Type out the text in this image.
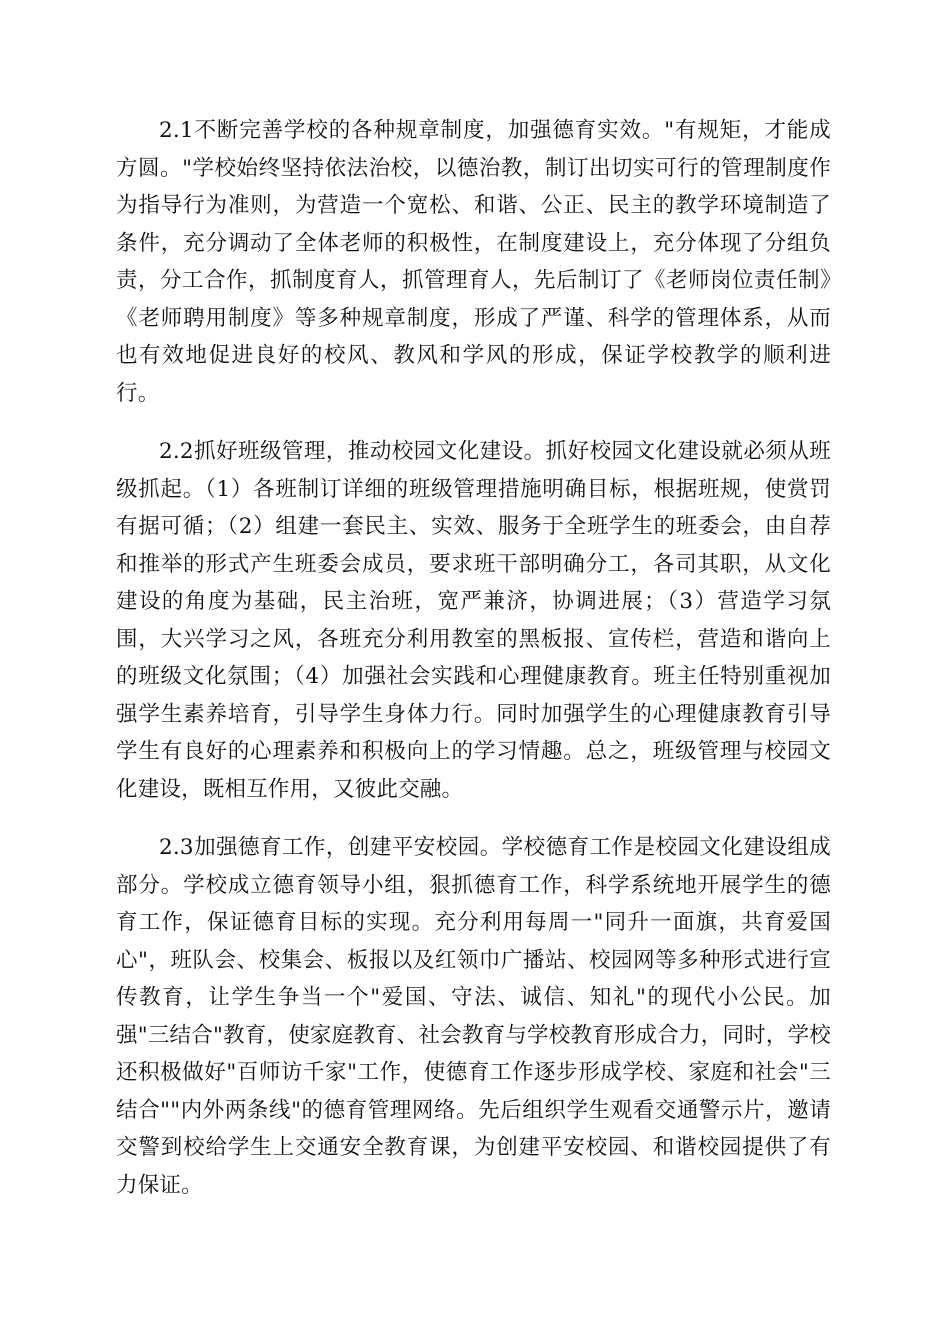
2.1不断完善学校的各种规章制度，加强德育实效。"有规矩，才能成方圆。"学校始终坚持依法治校，以德治教，制订出切实可行的管理制度作为指导行为准则，为营造一个宽松、和谐、公正、民主的教学环境制造了条件，充分调动了全体老师的积极性，在制度建设上，充分体现了分组负责，分工合作，抓制度育人，抓管理育人，先后制订了《老师岗位责任制》《老师聘用制度》等多种规章制度，形成了严谨、科学的管理体系，从而也有效地促进良好的校风、教风和学风的形成，保证学校教学的顺利进行。

2.2抓好班级管理，推动校园文化建设。抓好校园文化建设就必须从班级抓起。（1）各班制订详细的班级管理措施明确目标，根据班规，使赏罚有据可循；（2）组建一套民主、实效、服务于全班学生的班委会，由自荐和推举的形式产生班委会成员，要求班干部明确分工，各司其职，从文化建设的角度为基础，民主治班，宽严兼济，协调进展；（3）营造学习氛围，大兴学习之风，各班充分利用教室的黑板报、宣传栏，营造和谐向上的班级文化氛围；（4）加强社会实践和心理健康教育。班主任特别重视加强学生素养培育，引导学生身体力行。同时加强学生的心理健康教育引导学生有良好的心理素养和积极向上的学习情趣。总之，班级管理与校园文化建设，既相互作用，又彼此交融。

2.3加强德育工作，创建平安校园。学校德育工作是校园文化建设组成部分。学校成立德育领导小组，狠抓德育工作，科学系统地开展学生的德育工作，保证德育目标的实现。充分利用每周一"同升一面旗，共育爱国心"，班队会、校集会、板报以及红领巾广播站、校园网等多种形式进行宣传教育，让学生争当一个"爱国、守法、诚信、知礼"的现代小公民。加强"三结合"教育，使家庭教育、社会教育与学校教育形成合力，同时，学校还积极做好"百师访千家"工作，使德育工作逐步形成学校、家庭和社会"三结合""内外两条线"的德育管理网络。先后组织学生观看交通警示片，邀请交警到校给学生上交通安全教育课，为创建平安校园、和谐校园提供了有力保证。
